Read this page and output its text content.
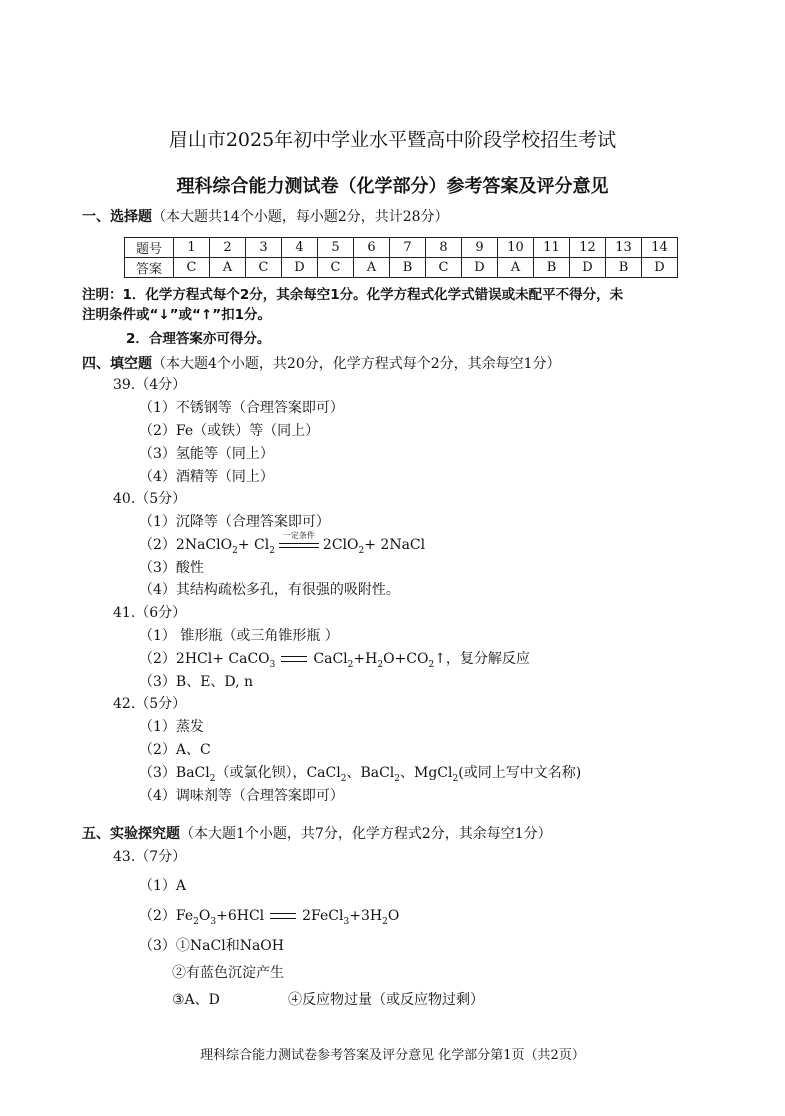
眉山市2025年初中学业水平暨高中阶段学校招生考试
理科综合能力测试卷（化学部分）参考答案及评分意见
一、选择题（本大题共14个小题，每小题2分，共计28分）
题号	1	2	3	4	5	6	7	8	9	10	11	12	13	14
答案	C	A	C	D	C	A	B	C	D	A	B	D	B	D
注明：1．化学方程式每个2分，其余每空1分。化学方程式化学式错误或未配平不得分，未
注明条件或“↓”或“↑”扣1分。
2．合理答案亦可得分。
四、填空题（本大题4个小题，共20分，化学方程式每个2分，其余每空1分）
39.（4分）
（1）不锈钢等（合理答案即可）
（2）Fe（或铁）等（同上）
（3）氢能等（同上）
（4）酒精等（同上）
40.（5分）
（1）沉降等（合理答案即可）
（2）2NaClO$_2$+ $Cl_2$
一定条件
2ClO$_2$+ 2NaCl
（3）酸性
（4）其结构疏松多孔，有很强的吸附性。
41.（6分）
（1） 锥形瓶（或三角锥形瓶 ）
（2）2HCl+ CaCO$_3$	$CaCl_2+H_2O+CO_2↑$，复分解反应
（3）B、E、D, n
42.（5分）
（1）蒸发
（2）A、C
（3）BaCl$_2$（或氯化钡），CaCl$_2$、BaCl$_2$、MgCl$_2$(或同上写中文名称)
（4）调味剂等（合理答案即可）
五、实验探究题（本大题1个小题，共7分，化学方程式2分，其余每空1分）
43.（7分）
（1）A
$(2)Fe_2O_3+6HCl$	$2FeCl_3+3H_2O$
（3）①NaCl和NaOH
②有蓝色沉淀产生
③A、D	④反应物过量（或反应物过剩）
理科综合能力测试卷参考答案及评分意见 化学部分第1页（共2页）
